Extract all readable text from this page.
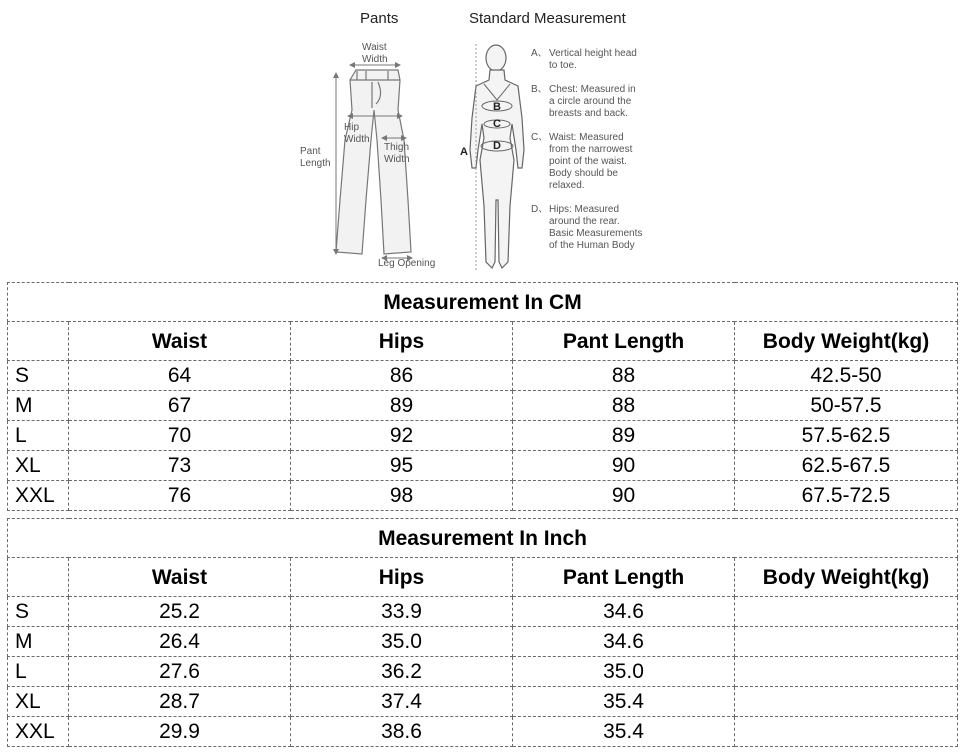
Pants	Standard Measurement
Waist
Width
Hip
Width
Pant
Length
Thigh
Width
Leg Opening
A
B
C
D
A、 Vertical height head
to toe.
B、 Chest: Measured in
a circle around the
breasts and back.
C、 Waist: Measured
from the narrowest
point of the waist.
Body should be
relaxed.
D、 Hips: Measured
around the rear.
Basic Measurements
of the Human Body
Measurement In CM				
	Waist	Hips	Pant Length	Body Weight(kg)
S	64	86	88	42.5-50
M	67	89	88	50-57.5
L	70	92	89	57.5-62.5
XL	73	95	90	62.5-67.5
XXL	76	98	90	67.5-72.5
Measurement In Inch				
	Waist	Hips	Pant Length	Body Weight(kg)
S	25.2	33.9	34.6	
M	26.4	35.0	34.6	
L	27.6	36.2	35.0	
XL	28.7	37.4	35.4	
XXL	29.9	38.6	35.4	
